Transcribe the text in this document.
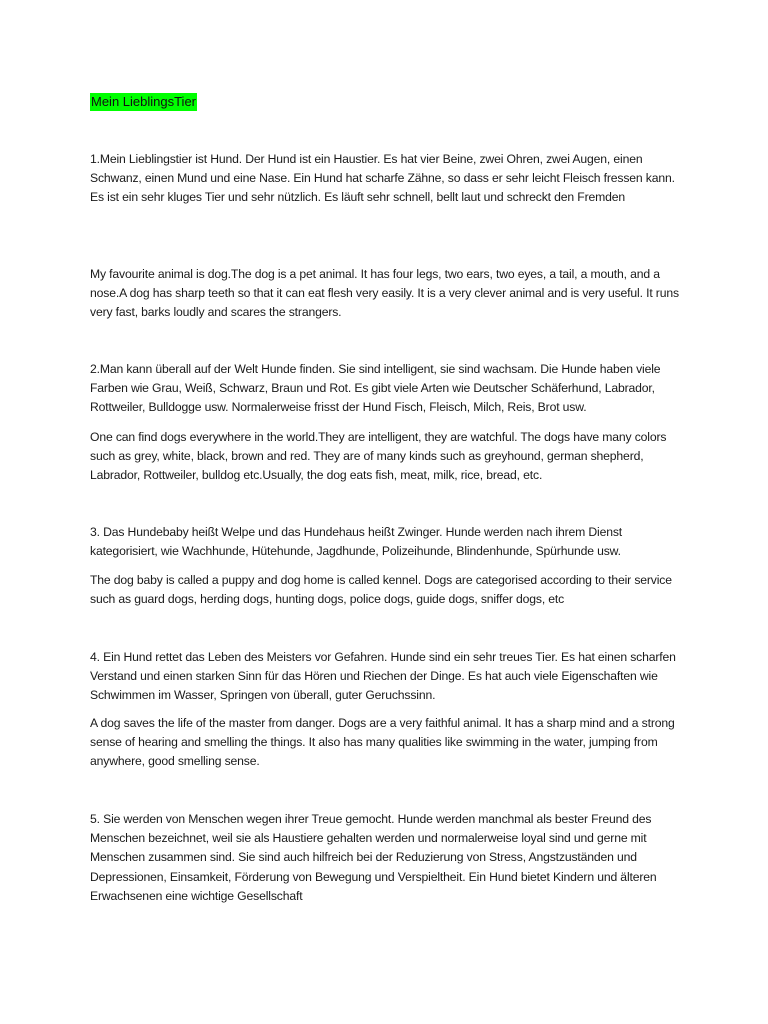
Mein LieblingsTier

1.Mein Lieblingstier ist Hund. Der Hund ist ein Haustier. Es hat vier Beine, zwei Ohren, zwei Augen, einen Schwanz, einen Mund und eine Nase. Ein Hund hat scharfe Zähne, so dass er sehr leicht Fleisch fressen kann. Es ist ein sehr kluges Tier und sehr nützlich. Es läuft sehr schnell, bellt laut und schreckt den Fremden

My favourite animal is dog.The dog is a pet animal. It has four legs, two ears, two eyes, a tail, a mouth, and a nose.A dog has sharp teeth so that it can eat flesh very easily. It is a very clever animal and is very useful. It runs very fast, barks loudly and scares the strangers.

2.Man kann überall auf der Welt Hunde finden. Sie sind intelligent, sie sind wachsam. Die Hunde haben viele Farben wie Grau, Weiß, Schwarz, Braun und Rot. Es gibt viele Arten wie Deutscher Schäferhund, Labrador, Rottweiler, Bulldogge usw. Normalerweise frisst der Hund Fisch, Fleisch, Milch, Reis, Brot usw.

One can find dogs everywhere in the world.They are intelligent, they are watchful. The dogs have many colors such as grey, white, black, brown and red. They are of many kinds such as greyhound, german shepherd, Labrador, Rottweiler, bulldog etc.Usually, the dog eats fish, meat, milk, rice, bread, etc.

3. Das Hundebaby heißt Welpe und das Hundehaus heißt Zwinger. Hunde werden nach ihrem Dienst kategorisiert, wie Wachhunde, Hütehunde, Jagdhunde, Polizeihunde, Blindenhunde, Spürhunde usw.

The dog baby is called a puppy and dog home is called kennel. Dogs are categorised according to their service such as guard dogs, herding dogs, hunting dogs, police dogs, guide dogs, sniffer dogs, etc

4. Ein Hund rettet das Leben des Meisters vor Gefahren. Hunde sind ein sehr treues Tier. Es hat einen scharfen Verstand und einen starken Sinn für das Hören und Riechen der Dinge. Es hat auch viele Eigenschaften wie Schwimmen im Wasser, Springen von überall, guter Geruchssinn.

A dog saves the life of the master from danger. Dogs are a very faithful animal. It has a sharp mind and a strong sense of hearing and smelling the things. It also has many qualities like swimming in the water, jumping from anywhere, good smelling sense.

5. Sie werden von Menschen wegen ihrer Treue gemocht. Hunde werden manchmal als bester Freund des Menschen bezeichnet, weil sie als Haustiere gehalten werden und normalerweise loyal sind und gerne mit Menschen zusammen sind. Sie sind auch hilfreich bei der Reduzierung von Stress, Angstzuständen und Depressionen, Einsamkeit, Förderung von Bewegung und Verspieltheit. Ein Hund bietet Kindern und älteren Erwachsenen eine wichtige Gesellschaft
